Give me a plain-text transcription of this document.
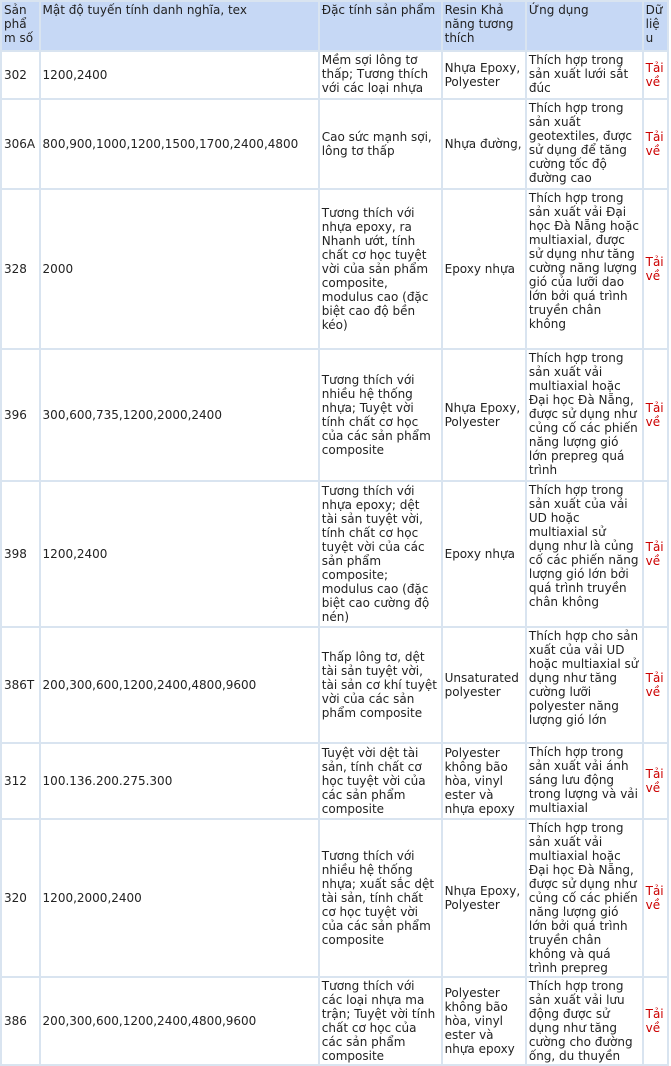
Sản phẩm số	Mật độ tuyến tính danh nghĩa, tex	Đặc tính sản phẩm	Resin Khả năng tương thích	Ứng dụng	Dữ liệu
302	1200,2400	Mềm sợi lông tơ thấp; Tương thích với các loại nhựa	Nhựa Epoxy, Polyester	Thích hợp trong sản xuất lưới sắt đúc	Tải về
306A	800,900,1000,1200,1500,1700,2400,4800	Cao sức mạnh sợi, lông tơ thấp	Nhựa đường,	Thích hợp trong sản xuất geotextiles, được sử dụng để tăng cường tốc độ đường cao	Tải về
328	2000	Tương thích với nhựa epoxy, ra Nhanh ướt, tính chất cơ học tuyệt vời của sản phẩm composite, modulus cao (đặc biệt cao độ bền kéo)	Epoxy nhựa	Thích hợp trong sản xuất vải Đại học Đà Nẵng hoặc multiaxial, được sử dụng như tăng cường năng lượng gió của lưỡi dao lớn bởi quá trình truyền chân không	Tải về
396	300,600,735,1200,2000,2400	Tương thích với nhiều hệ thống nhựa; Tuyệt vời tính chất cơ học của các sản phẩm composite	Nhựa Epoxy, Polyester	Thích hợp trong sản xuất vải multiaxial hoặc Đại học Đà Nẵng, được sử dụng như củng cố các phiến năng lượng gió lớn prepreg quá trình	Tải về
398	1200,2400	Tương thích với nhựa epoxy; dệt tài sản tuyệt vời, tính chất cơ học tuyệt vời của các sản phẩm composite; modulus cao (đặc biệt cao cường độ nén)	Epoxy nhựa	Thích hợp trong sản xuất của vải UD hoặc multiaxial sử dụng như là củng cố các phiến năng lượng gió lớn bởi quá trình truyền chân không	Tải về
386T	200,300,600,1200,2400,4800,9600	Thấp lông tơ, dệt tài sản tuyệt vời, tài sản cơ khí tuyệt vời của các sản phẩm composite	Unsaturated polyester	Thích hợp cho sản xuất của vải UD hoặc multiaxial sử dụng như tăng cường lưỡi polyester năng lượng gió lớn	Tải về
312	100.136.200.275.300	Tuyệt vời dệt tài sản, tính chất cơ học tuyệt vời của các sản phẩm composite	Polyester không bão hòa, vinyl ester và nhựa epoxy	Thích hợp trong sản xuất vải ánh sáng lưu động trong lượng và vải multiaxial	Tải về
320	1200,2000,2400	Tương thích với nhiều hệ thống nhựa; xuất sắc dệt tài sản, tính chất cơ học tuyệt vời của các sản phẩm composite	Nhựa Epoxy, Polyester	Thích hợp trong sản xuất vải multiaxial hoặc Đại học Đà Nẵng, được sử dụng như củng cố các phiến năng lượng gió lớn bởi quá trình truyền chân không và quá trình prepreg	Tải về
386	200,300,600,1200,2400,4800,9600	Tương thích với các loại nhựa ma trận; Tuyệt vời tính chất cơ học của các sản phẩm composite	Polyester không bão hòa, vinyl ester và nhựa epoxy	Thích hợp trong sản xuất vải lưu động được sử dụng như tăng cường cho đường ống, du thuyền	Tải về
